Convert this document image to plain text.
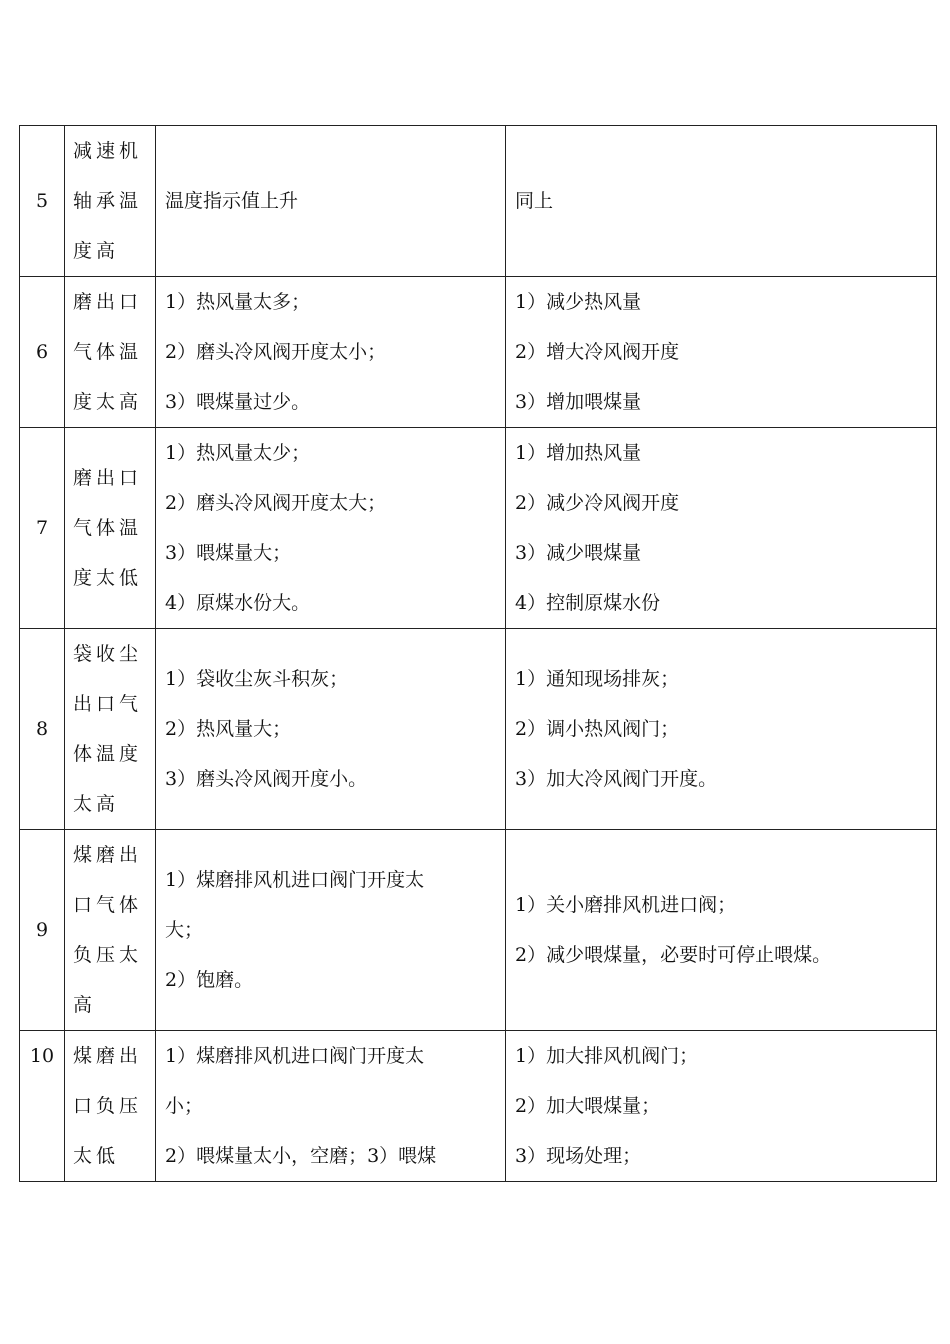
5	减速机
轴承温
度高	温度指示值上升	同上

6	磨出口
气体温
度太高	1）热风量太多；
2）磨头冷风阀开度太小；
3）喂煤量过少。	1）减少热风量
2）增大冷风阀开度
3）增加喂煤量

7	磨出口
气体温
度太低	1）热风量太少；
2）磨头冷风阀开度太大；
3）喂煤量大；
4）原煤水份大。	1）增加热风量
2）减少冷风阀开度
3）减少喂煤量
4）控制原煤水份

8	袋收尘
出口气
体温度
太高	1）袋收尘灰斗积灰；
2）热风量大；
3）磨头冷风阀开度小。	1）通知现场排灰；
2）调小热风阀门；
3）加大冷风阀门开度。

9	煤磨出
口气体
负压太
高	1）煤磨排风机进口阀门开度太
大；
2）饱磨。	1）关小磨排风机进口阀；
2）减少喂煤量，必要时可停止喂煤。

10	煤磨出
口负压
太低	1）煤磨排风机进口阀门开度太
小；
2）喂煤量太小，空磨；3）喂煤	1）加大排风机阀门；
2）加大喂煤量；
3）现场处理；
